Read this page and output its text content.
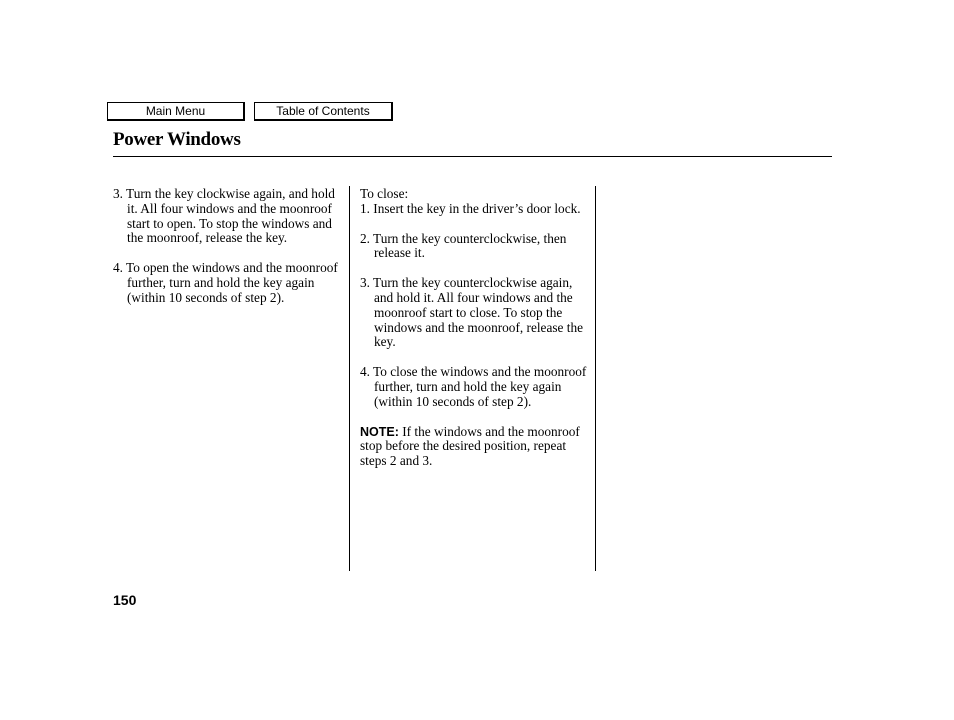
Main Menu	Table of Contents
Power Windows

3. Turn the key clockwise again, and hold it. All four windows and the moonroof start to open. To stop the windows and the moonroof, release the key.

4. To open the windows and the moonroof further, turn and hold the key again (within 10 seconds of step 2).

To close:

1. Insert the key in the driver’s door lock.

2. Turn the key counterclockwise, then release it.

3. Turn the key counterclockwise again, and hold it. All four windows and the moonroof start to close. To stop the windows and the moonroof, release the key.

4. To close the windows and the moonroof further, turn and hold the key again (within 10 seconds of step 2).

NOTE: If the windows and the moonroof stop before the desired position, repeat steps 2 and 3.

150
